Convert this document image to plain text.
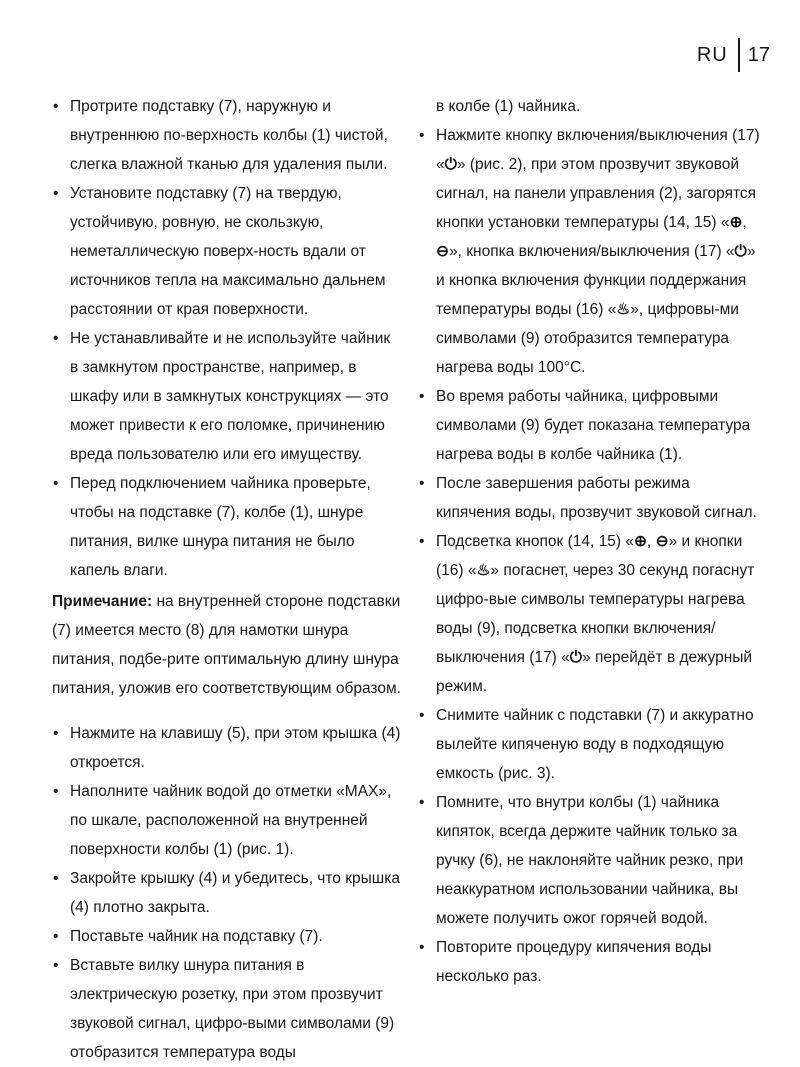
RU 17
• Протрите подставку (7), наружную и внутреннюю по-верхность колбы (1) чистой, слегка влажной тканью для удаления пыли.
• Установите подставку (7) на твердую, устойчивую, ровную, не скользкую, неметаллическую поверх-ность вдали от источников тепла на максимально дальнем расстоянии от края поверхности.
• Не устанавливайте и не используйте чайник в замкнутом пространстве, например, в шкафу или в замкнутых конструкциях — это может привести к его поломке, причинению вреда пользователю или его имуществу.
• Перед подключением чайника проверьте, чтобы на подставке (7), колбе (1), шнуре питания, вилке шнура питания не было капель влаги.

Примечание: на внутренней стороне подставки (7) имеется место (8) для намотки шнура питания, подбе-рите оптимальную длину шнура питания, уложив его соответствующим образом.

• Нажмите на клавишу (5), при этом крышка (4) откроется.
• Наполните чайник водой до отметки «MAX», по шкале, расположенной на внутренней поверхности колбы (1) (рис. 1).
• Закройте крышку (4) и убедитесь, что крышка (4) плотно закрыта.
• Поставьте чайник на подставку (7).
• Вставьте вилку шнура питания в электрическую розетку, при этом прозвучит звуковой сигнал, цифро-выми символами (9) отобразится температура воды
в колбе (1) чайника.
• Нажмите кнопку включения/выключения (17) «⏻» (рис. 2), при этом прозвучит звуковой сигнал, на панели управления (2), загорятся кнопки установки температуры (14, 15) «⊕, ⊖», кнопка включения/выключения (17) «⏻» и кнопка включения функции поддержания температуры воды (16) «♨», цифровы-ми символами (9) отобразится температура нагрева воды 100°C.
• Во время работы чайника, цифровыми символами (9) будет показана температура нагрева воды в колбе чайника (1).
• После завершения работы режима кипячения воды, прозвучит звуковой сигнал.
• Подсветка кнопок (14, 15) «⊕, ⊖» и кнопки (16) «♨» погаснет, через 30 секунд погаснут цифро-вые символы температуры нагрева воды (9), подсветка кнопки включения/выключения (17) «⏻» перейдёт в дежурный режим.
• Снимите чайник с подставки (7) и аккуратно вылейте кипяченую воду в подходящую емкость (рис. 3).
• Помните, что внутри колбы (1) чайника кипяток, всегда держите чайник только за ручку (6), не наклоняйте чайник резко, при неаккуратном использовании чайника, вы можете получить ожог горячей водой.
• Повторите процедуру кипячения воды несколько раз.
